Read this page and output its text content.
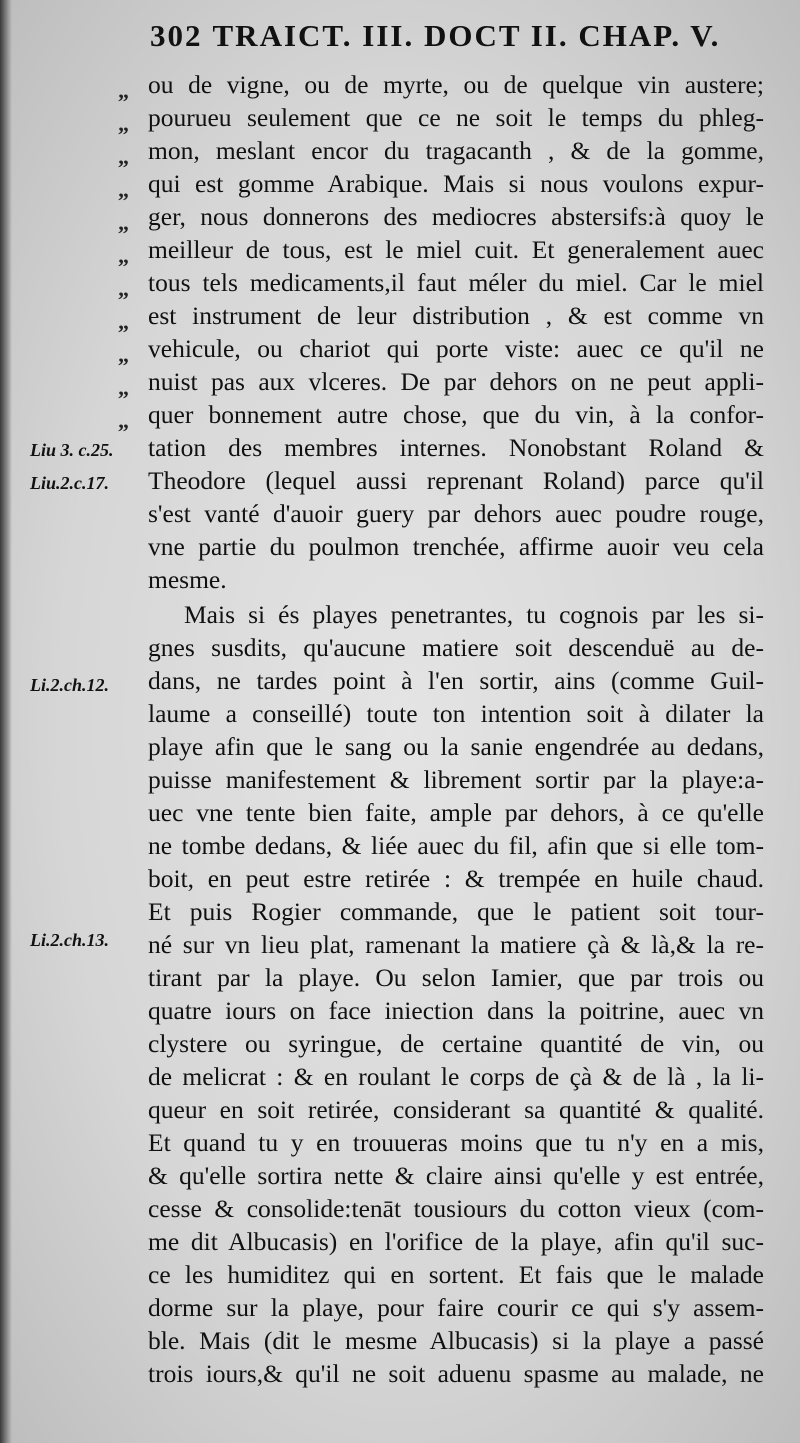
302 TRAICT. III. DOCT II. CHAP. V.
„
„
„
„
„
„
„
„
„
„
„
Liu 3. c.25.
Liu.2.c.17.
Li.2.ch.12.
Li.2.ch.13.
ou de vigne, ou de myrte, ou de quelque vin austere;
pourueu seulement que ce ne soit le temps du phleg-
mon, meslant encor du tragacanth , & de la gomme,
qui est gomme Arabique. Mais si nous voulons expur-
ger, nous donnerons des mediocres abstersifs:à quoy le
meilleur de tous, est le miel cuit. Et generalement auec
tous tels medicaments,il faut méler du miel. Car le miel
est instrument de leur distribution , & est comme vn
vehicule, ou chariot qui porte viste: auec ce qu'il ne
nuist pas aux vlceres. De par dehors on ne peut appli-
quer bonnement autre chose, que du vin, à la confor-
tation des membres internes. Nonobstant Roland &
Theodore (lequel aussi reprenant Roland) parce qu'il
s'est vanté d'auoir guery par dehors auec poudre rouge,
vne partie du poulmon trenchée, affirme auoir veu cela
mesme.
Mais si és playes penetrantes, tu cognois par les si-
gnes susdits, qu'aucune matiere soit descenduë au de-
dans, ne tardes point à l'en sortir, ains (comme Guil-
laume a conseillé) toute ton intention soit à dilater la
playe afin que le sang ou la sanie engendrée au dedans,
puisse manifestement & librement sortir par la playe:a-
uec vne tente bien faite, ample par dehors, à ce qu'elle
ne tombe dedans, & liée auec du fil, afin que si elle tom-
boit, en peut estre retirée : & trempée en huile chaud.
Et puis Rogier commande, que le patient soit tour-
né sur vn lieu plat, ramenant la matiere çà & là,& la re-
tirant par la playe. Ou selon Iamier, que par trois ou
quatre iours on face iniection dans la poitrine, auec vn
clystere ou syringue, de certaine quantité de vin, ou
de melicrat : & en roulant le corps de çà & de là , la li-
queur en soit retirée, considerant sa quantité & qualité.
Et quand tu y en trouueras moins que tu n'y en a mis,
& qu'elle sortira nette & claire ainsi qu'elle y est entrée,
cesse & consolide:tenāt tousiours du cotton vieux (com-
me dit Albucasis) en l'orifice de la playe, afin qu'il suc-
ce les humiditez qui en sortent. Et fais que le malade
dorme sur la playe, pour faire courir ce qui s'y assem-
ble. Mais (dit le mesme Albucasis) si la playe a passé
trois iours,& qu'il ne soit aduenu spasme au malade, ne
